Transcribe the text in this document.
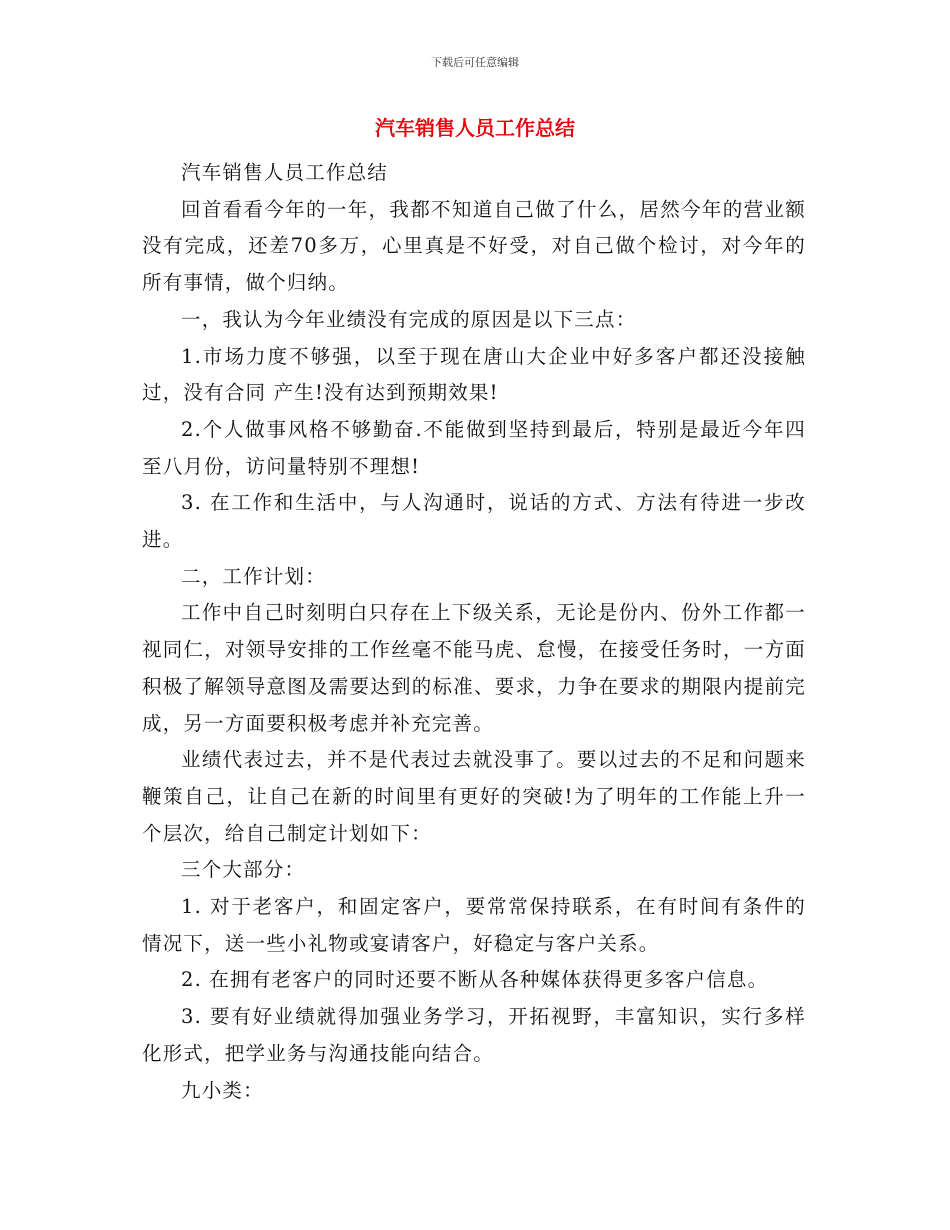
下载后可任意编辑
汽车销售人员工作总结

汽车销售人员工作总结

回首看看今年的一年，我都不知道自己做了什么，居然今年的营业额没有完成，还差70多万，心里真是不好受，对自己做个检讨，对今年的所有事情，做个归纳。

一，我认为今年业绩没有完成的原因是以下三点：

1.市场力度不够强，以至于现在唐山大企业中好多客户都还没接触过，没有合同 产生!没有达到预期效果!

2.个人做事风格不够勤奋.不能做到坚持到最后，特别是最近今年四至八月份，访问量特别不理想!

3. 在工作和生活中，与人沟通时，说话的方式、方法有待进一步改进。

二，工作计划：

工作中自己时刻明白只存在上下级关系，无论是份内、份外工作都一视同仁，对领导安排的工作丝毫不能马虎、怠慢，在接受任务时，一方面积极了解领导意图及需要达到的标准、要求，力争在要求的期限内提前完成，另一方面要积极考虑并补充完善。

业绩代表过去，并不是代表过去就没事了。要以过去的不足和问题来鞭策自己，让自己在新的时间里有更好的突破!为了明年的工作能上升一个层次，给自己制定计划如下：

三个大部分：

1. 对于老客户，和固定客户，要常常保持联系，在有时间有条件的情况下，送一些小礼物或宴请客户，好稳定与客户关系。

2. 在拥有老客户的同时还要不断从各种媒体获得更多客户信息。

3. 要有好业绩就得加强业务学习，开拓视野，丰富知识，实行多样化形式，把学业务与沟通技能向结合。

九小类：
